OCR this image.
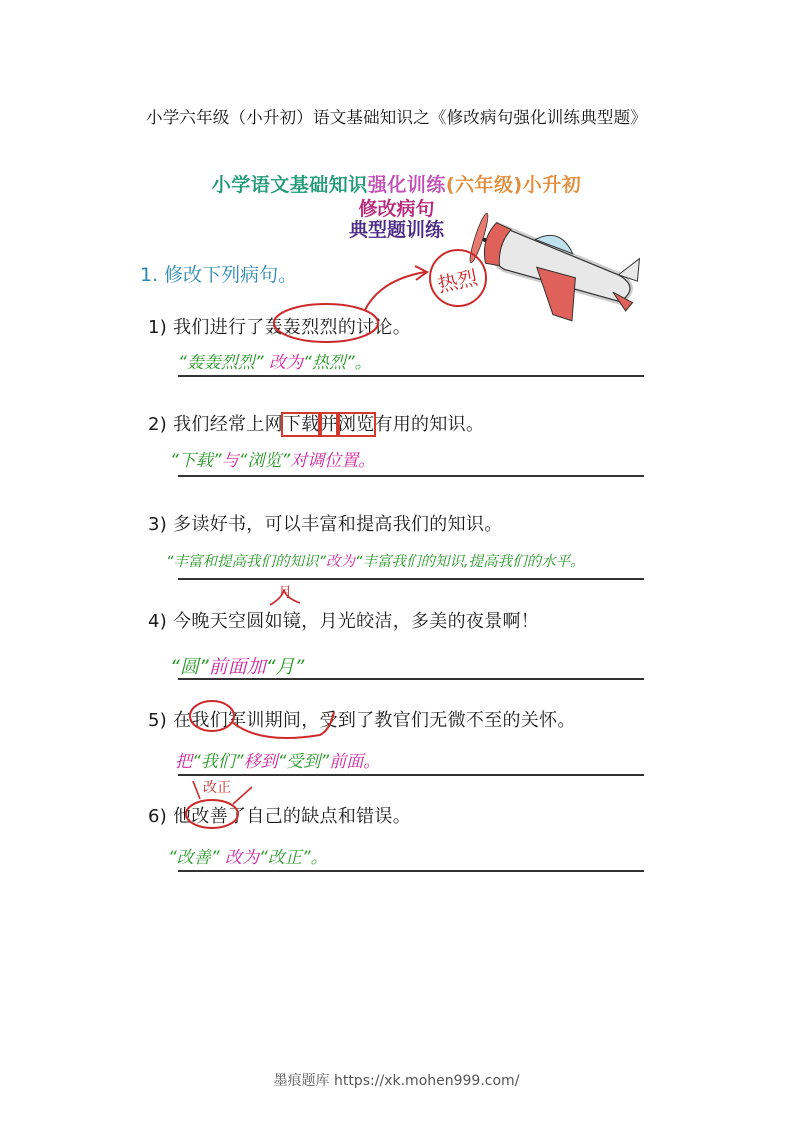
小学六年级（小升初）语文基础知识之《修改病句强化训练典型题》
小学语文基础知识强化训练(六年级)小升初
修改病句
典型题训练
1. 修改下列病句。
1) 我们进行了轰轰烈烈的讨论。
“轰轰烈烈” 改为“热烈”。
2) 我们经常上网下载并浏览有用的知识。
“下载”与“浏览”对调位置。
3) 多读好书，可以丰富和提高我们的知识。
“丰富和提高我们的知识”改为“丰富我们的知识,提高我们的水平。
月
4) 今晚天空圆如镜，月光皎洁，多美的夜景啊！
“圆”前面加“月”
5) 在我们军训期间，受到了教官们无微不至的关怀。
把“我们”移到“受到”前面。
改正
6) 他改善了自己的缺点和错误。
“改善” 改为“改正”。
热烈
墨痕题库 https://xk.mohen999.com/
